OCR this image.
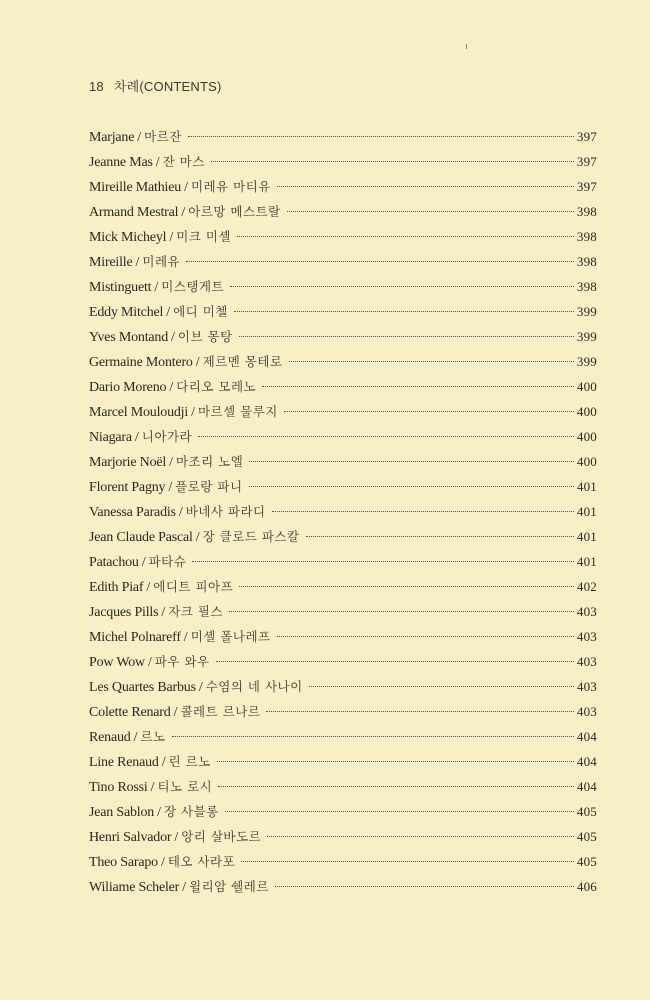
18 차례(CONTENTS)
Marjane / 마르잔	397
Jeanne Mas / 잔 마스	397
Mireille Mathieu / 미레유 마티유	397
Armand Mestral / 아르망 메스트랄	398
Mick Micheyl / 미크 미셸	398
Mireille / 미레유	398
Mistinguett / 미스탱게트	398
Eddy Mitchel / 에디 미첼	399
Yves Montand / 이브 몽탕	399
Germaine Montero / 제르멘 몽테로	399
Dario Moreno / 다리오 모레노	400
Marcel Mouloudji / 마르셀 물루지	400
Niagara / 니아가라	400
Marjorie Noël / 마조리 노엘	400
Florent Pagny / 플로랑 파니	401
Vanessa Paradis / 바네사 파라디	401
Jean Claude Pascal / 장 클로드 파스칼	401
Patachou / 파타슈	401
Edith Piaf / 에디트 피아프	402
Jacques Pills / 자크 필스	403
Michel Polnareff / 미셸 폴나레프	403
Pow Wow / 파우 와우	403
Les Quartes Barbus / 수염의 네 사나이	403
Colette Renard / 콜레트 르나르	403
Renaud / 르노	404
Line Renaud / 린 르노	404
Tino Rossi / 티노 로시	404
Jean Sablon / 장 사블롱	405
Henri Salvador / 앙리 살바도르	405
Theo Sarapo / 테오 사라포	405
Wiliame Scheler / 윌리암 쉘레르	406
